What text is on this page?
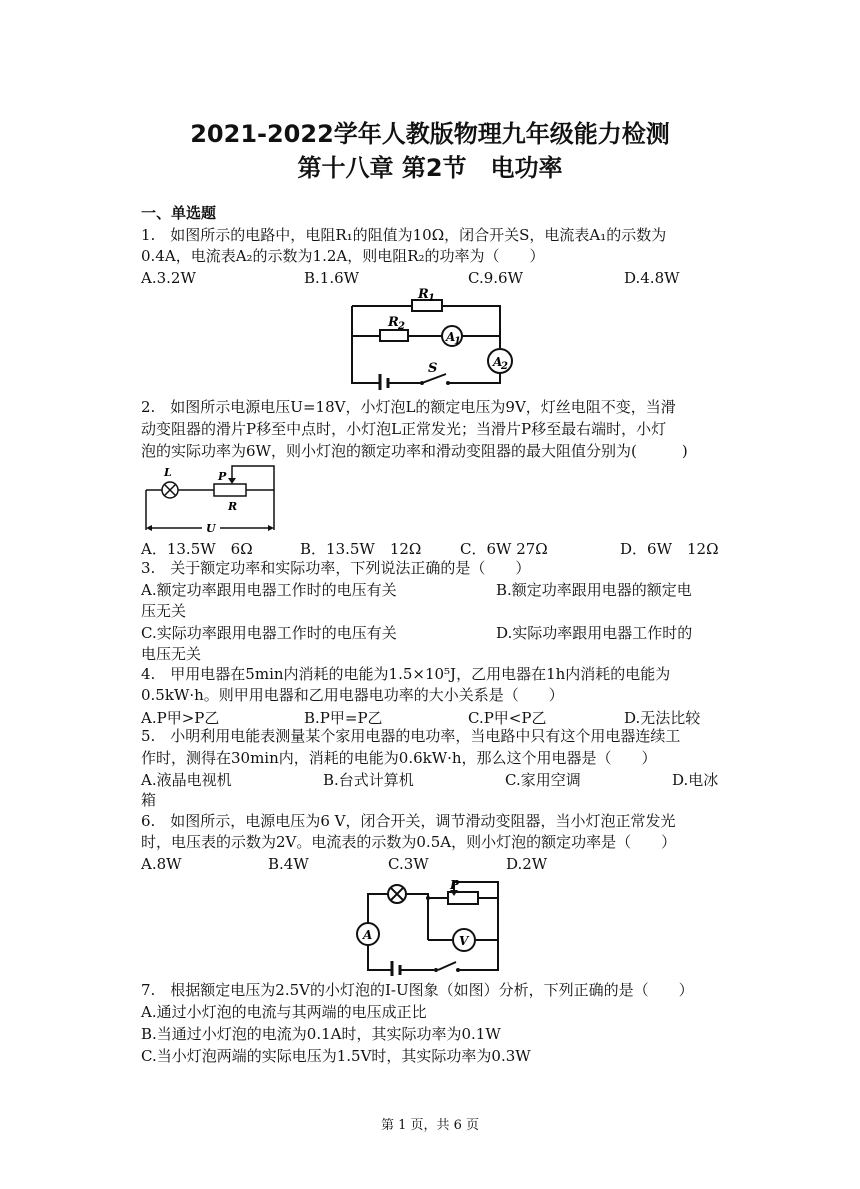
2021-2022学年人教版物理九年级能力检测
第十八章 第2节　电功率
一、单选题
1.　如图所示的电路中，电阻R₁的阻值为10Ω，闭合开关S，电流表A₁的示数为
0.4A，电流表A₂的示数为1.2A，则电阻R₂的功率为（　　）
A.3.2W	B.1.6W	C.9.6W	D.4.8W
R 1
R 2
A
1
A
2
S
2.　如图所示电源电压U=18V，小灯泡L的额定电压为9V，灯丝电阻不变，当滑
动变阻器的滑片P移至中点时，小灯泡L正常发光；当滑片P移至最右端时，小灯
泡的实际功率为6W，则小灯泡的额定功率和滑动变阻器的最大阻值分别为(　　　)
L	P
R
U
A．13.5W　6Ω	B．13.5W　12Ω	C．6W 27Ω	D．6W　12Ω
3.　关于额定功率和实际功率，下列说法正确的是（　　）
A.额定功率跟用电器工作时的电压有关	B.额定功率跟用电器的额定电
压无关
C.实际功率跟用电器工作时的电压有关	D.实际功率跟用电器工作时的
电压无关
4.　甲用电器在5min内消耗的电能为1.5×10⁵J，乙用电器在1h内消耗的电能为
0.5kW·h。则甲用电器和乙用电器电功率的大小关系是（　　）
A.P甲>P乙	B.P甲=P乙	C.P甲<P乙	D.无法比较
5.　小明利用电能表测量某个家用电器的电功率，当电路中只有这个用电器连续工
作时，测得在30min内，消耗的电能为0.6kW·h，那么这个用电器是（　　）
A.液晶电视机	B.台式计算机	C.家用空调	D.电冰
箱
6.　如图所示，电源电压为6 V，闭合开关，调节滑动变阻器，当小灯泡正常发光
时，电压表的示数为2V。电流表的示数为0.5A，则小灯泡的额定功率是（　　）
A.8W	B.4W	C.3W	D.2W
P
A	V
7.　根据额定电压为2.5V的小灯泡的I-U图象（如图）分析，下列正确的是（　　）
A.通过小灯泡的电流与其两端的电压成正比
B.当通过小灯泡的电流为0.1A时，其实际功率为0.1W
C.当小灯泡两端的实际电压为1.5V时，其实际功率为0.3W
第 1 页，共 6 页
